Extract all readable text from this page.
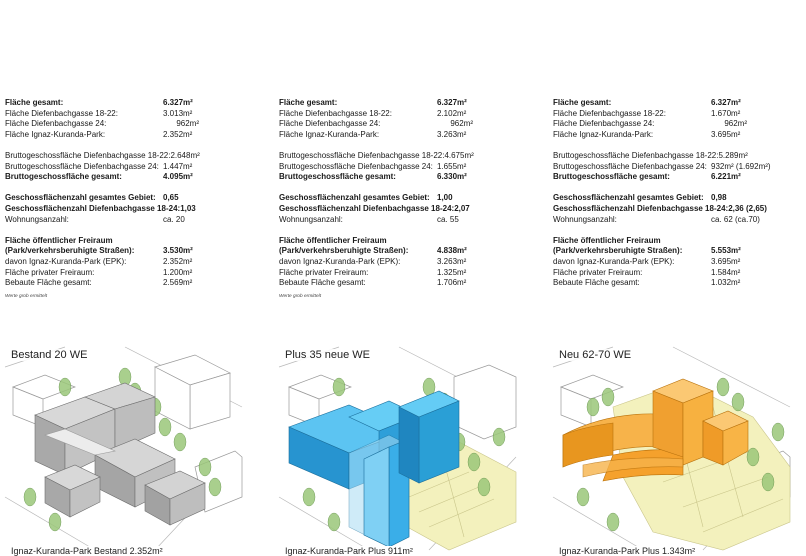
Fläche gesamt:	6.327m²
Fläche Diefenbachgasse 18-22:	3.013m²
Fläche Diefenbachgasse 24:	962m²
Fläche Ignaz-Kuranda-Park:	2.352m²
Bruttogeschossfläche Diefenbachgasse 18-22: 2.648m²
Bruttogeschossfläche Diefenbachgasse 24: 1.447m²
Bruttogeschossfläche gesamt:	4.095m²
Geschossflächenzahl gesamtes Gebiet: 0,65
Geschossflächenzahl Diefenbachgasse 18-24: 1,03
Wohnungsanzahl:	ca. 20
Fläche öffentlicher Freiraum
(Park/verkehrsberuhigte Straßen):	3.530m²
davon Ignaz-Kuranda-Park (EPK):	2.352m²
Fläche privater Freiraum:	1.200m²
Bebaute Fläche gesamt:	2.569m²
Werte grob ermittelt
Fläche gesamt:	6.327m²
Fläche Diefenbachgasse 18-22:	2.102m²
Fläche Diefenbachgasse 24:	962m²
Fläche Ignaz-Kuranda-Park:	3.263m²
Bruttogeschossfläche Diefenbachgasse 18-22: 4.675m²
Bruttogeschossfläche Diefenbachgasse 24: 1.655m²
Bruttogeschossfläche gesamt:	6.330m²
Geschossflächenzahl gesamtes Gebiet: 1,00
Geschossflächenzahl Diefenbachgasse 18-24: 2,07
Wohnungsanzahl:	ca. 55
Fläche öffentlicher Freiraum
(Park/verkehrsberuhigte Straßen):	4.838m²
davon Ignaz-Kuranda-Park (EPK):	3.263m²
Fläche privater Freiraum:	1.325m²
Bebaute Fläche gesamt:	1.706m²
Werte grob ermittelt
Fläche gesamt:	6.327m²
Fläche Diefenbachgasse 18-22:	1.670m²
Fläche Diefenbachgasse 24:	962m²
Fläche Ignaz-Kuranda-Park:	3.695m²
Bruttogeschossfläche Diefenbachgasse 18-22: 5.289m²
Bruttogeschossfläche Diefenbachgasse 24: 932m² (1.692m²)
Bruttogeschossfläche gesamt:	6.221m²
Geschossflächenzahl gesamtes Gebiet: 0,98
Geschossflächenzahl Diefenbachgasse 18-24: 2,36 (2,65)
Wohnungsanzahl:	ca. 62 (ca.70)
Fläche öffentlicher Freiraum
(Park/verkehrsberuhigte Straßen):	5.553m²
davon Ignaz-Kuranda-Park (EPK):	3.695m²
Fläche privater Freiraum:	1.584m²
Bebaute Fläche gesamt:	1.032m²
Bestand 20 WE
Ignaz-Kuranda-Park Bestand 2.352m²
Plus 35 neue WE
Ignaz-Kuranda-Park Plus 911m²
Neu 62-70 WE
Ignaz-Kuranda-Park Plus 1.343m²
